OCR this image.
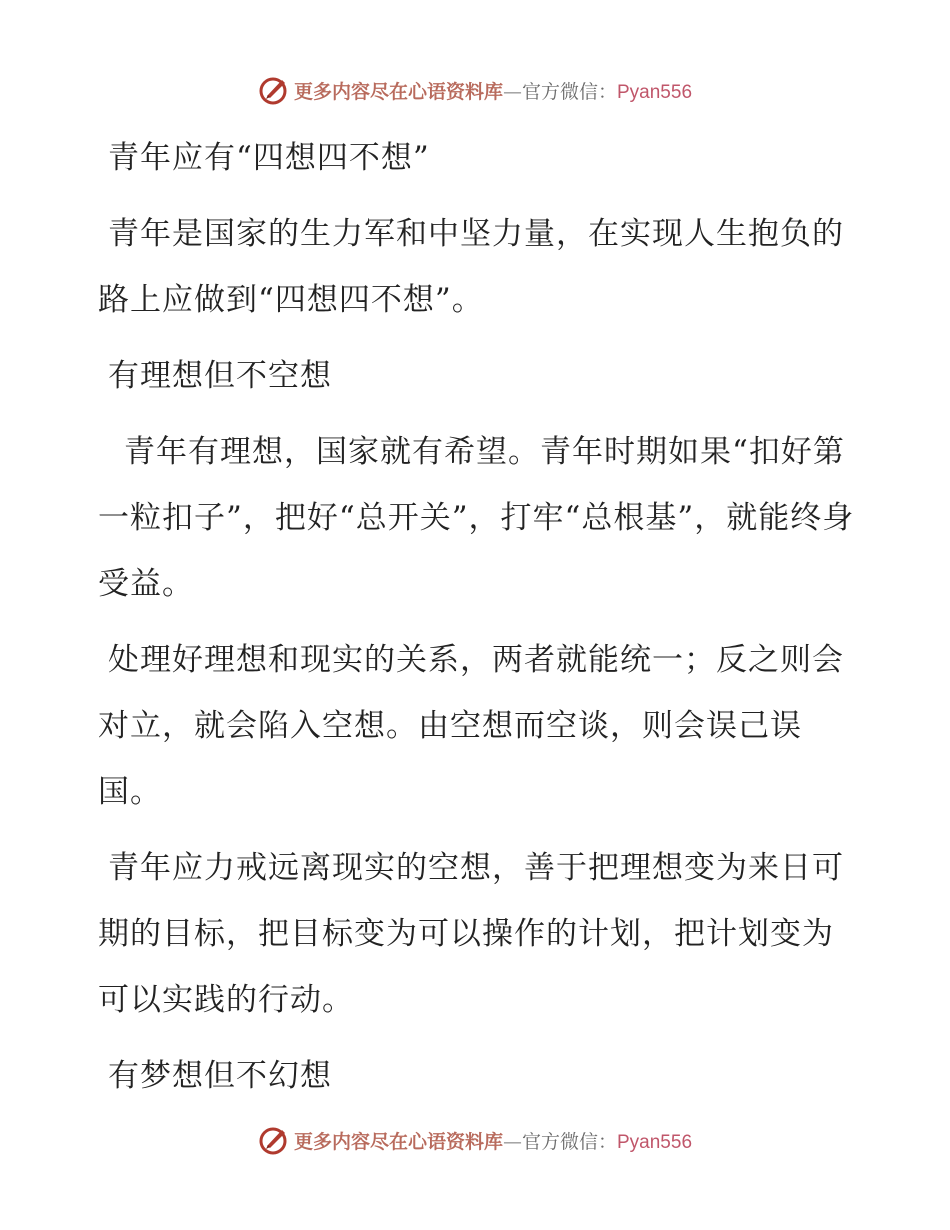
更多内容尽在心语资料库—官方微信：Pyan556

青年应有“四想四不想”

青年是国家的生力军和中坚力量，在实现人生抱负的路上应做到“四想四不想”。

有理想但不空想

青年有理想，国家就有希望。青年时期如果“扣好第一粒扣子”，把好“总开关”，打牢“总根基”，就能终身受益。

处理好理想和现实的关系，两者就能统一；反之则会对立，就会陷入空想。由空想而空谈，则会误己误国。

青年应力戒远离现实的空想，善于把理想变为来日可期的目标，把目标变为可以操作的计划，把计划变为可以实践的行动。

有梦想但不幻想

更多内容尽在心语资料库—官方微信：Pyan556
